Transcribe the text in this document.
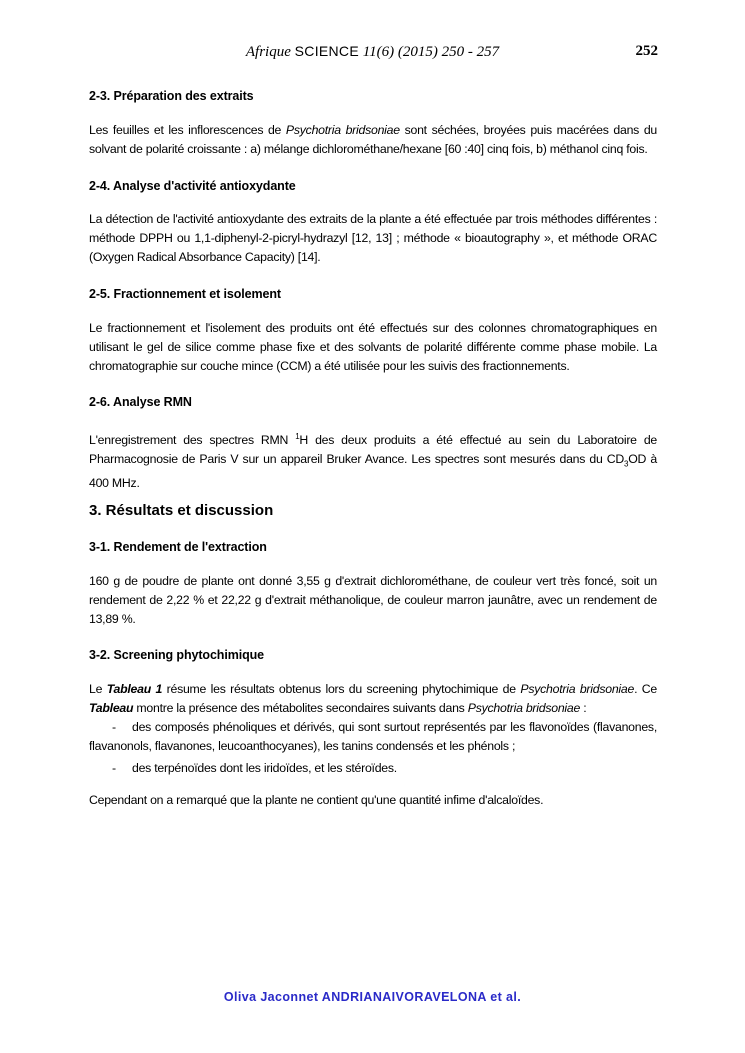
Afrique SCIENCE 11(6) (2015) 250 - 257	252
2-3. Préparation des extraits
Les feuilles et les inflorescences de Psychotria bridsoniae sont séchées, broyées puis macérées dans du solvant de polarité croissante : a) mélange dichlorométhane/hexane [60 :40] cinq fois, b) méthanol cinq fois.
2-4. Analyse d'activité antioxydante
La détection de l'activité antioxydante des extraits de la plante a été effectuée par trois méthodes différentes : méthode DPPH ou 1,1-diphenyl-2-picryl-hydrazyl [12, 13] ; méthode « bioautography », et méthode ORAC (Oxygen Radical Absorbance Capacity) [14].
2-5. Fractionnement et isolement
Le fractionnement et l'isolement des produits ont été effectués sur des colonnes chromatographiques en utilisant le gel de silice comme phase fixe et des solvants de polarité différente comme phase mobile. La chromatographie sur couche mince (CCM) a été utilisée pour les suivis des fractionnements.
2-6. Analyse RMN
L'enregistrement des spectres RMN $^1$H des deux produits a été effectué au sein du Laboratoire de Pharmacognosie de Paris V sur un appareil Bruker Avance. Les spectres sont mesurés dans du $CD_3OD$ à 400 MHz.
3. Résultats et discussion
3-1. Rendement de l'extraction
160 g de poudre de plante ont donné 3,55 g d'extrait dichlorométhane, de couleur vert très foncé, soit un rendement de 2,22 % et 22,22 g d'extrait méthanolique, de couleur marron jaunâtre, avec un rendement de 13,89 %.
3-2. Screening phytochimique
Le Tableau 1 résume les résultats obtenus lors du screening phytochimique de Psychotria bridsoniae. Ce Tableau montre la présence des métabolites secondaires suivants dans Psychotria bridsoniae :
-	des composés phénoliques et dérivés, qui sont surtout représentés par les flavonoïdes (flavanones, flavanonols, flavanones, leucoanthocyanes), les tanins condensés et les phénols ;
-	des terpénoïdes dont les iridoïdes, et les stéroïdes.
Cependant on a remarqué que la plante ne contient qu'une quantité infime d'alcaloïdes.
Oliva Jaconnet ANDRIANAIVORAVELONA et al.
